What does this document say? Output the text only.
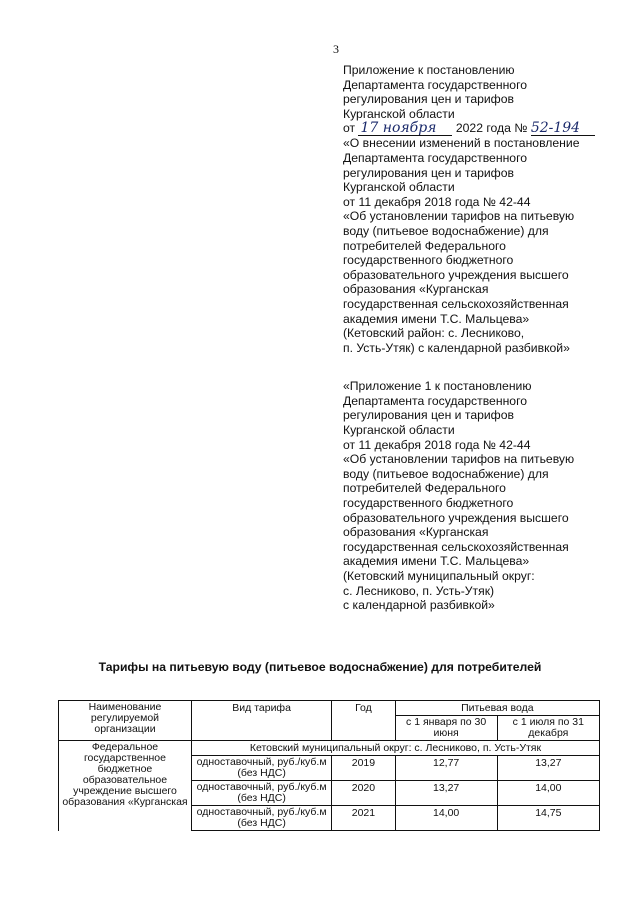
3

Приложение к постановлению

Департамента государственного

регулирования цен и тарифов

Курганской области

от 17 ноября 2022 года № 52-194

«О внесении изменений в постановление

Департамента государственного

регулирования цен и тарифов

Курганской области

от 11 декабря 2018 года № 42-44

«Об установлении тарифов на питьевую

воду (питьевое водоснабжение) для

потребителей Федерального

государственного бюджетного

образовательного учреждения высшего

образования «Курганская

государственная сельскохозяйственная

академия имени Т.С. Мальцева»

(Кетовский район: с. Лесниково,

п. Усть-Утяк) с календарной разбивкой»

«Приложение 1 к постановлению

Департамента государственного

регулирования цен и тарифов

Курганской области

от 11 декабря 2018 года № 42-44

«Об установлении тарифов на питьевую

воду (питьевое водоснабжение) для

потребителей Федерального

государственного бюджетного

образовательного учреждения высшего

образования «Курганская

государственная сельскохозяйственная

академия имени Т.С. Мальцева»

(Кетовский муниципальный округ:

с. Лесниково, п. Усть-Утяк)

с календарной разбивкой»

Тарифы на питьевую воду (питьевое водоснабжение) для потребителей
Наименование регулируемой организации	Вид тарифа	Год	Питьевая вода	
			с 1 января по 30 июня	с 1 июля по 31 декабря
Федеральное государственное бюджетное образовательное учреждение высшего образования «Курганская	Кетовский муниципальный округ: с. Лесниково, п. Усть-Утяк			
	одноставочный, руб./куб.м (без НДС)	2019	12,77	13,27
	одноставочный, руб./куб.м (без НДС)	2020	13,27	14,00
	одноставочный, руб./куб.м (без НДС)	2021	14,00	14,75
